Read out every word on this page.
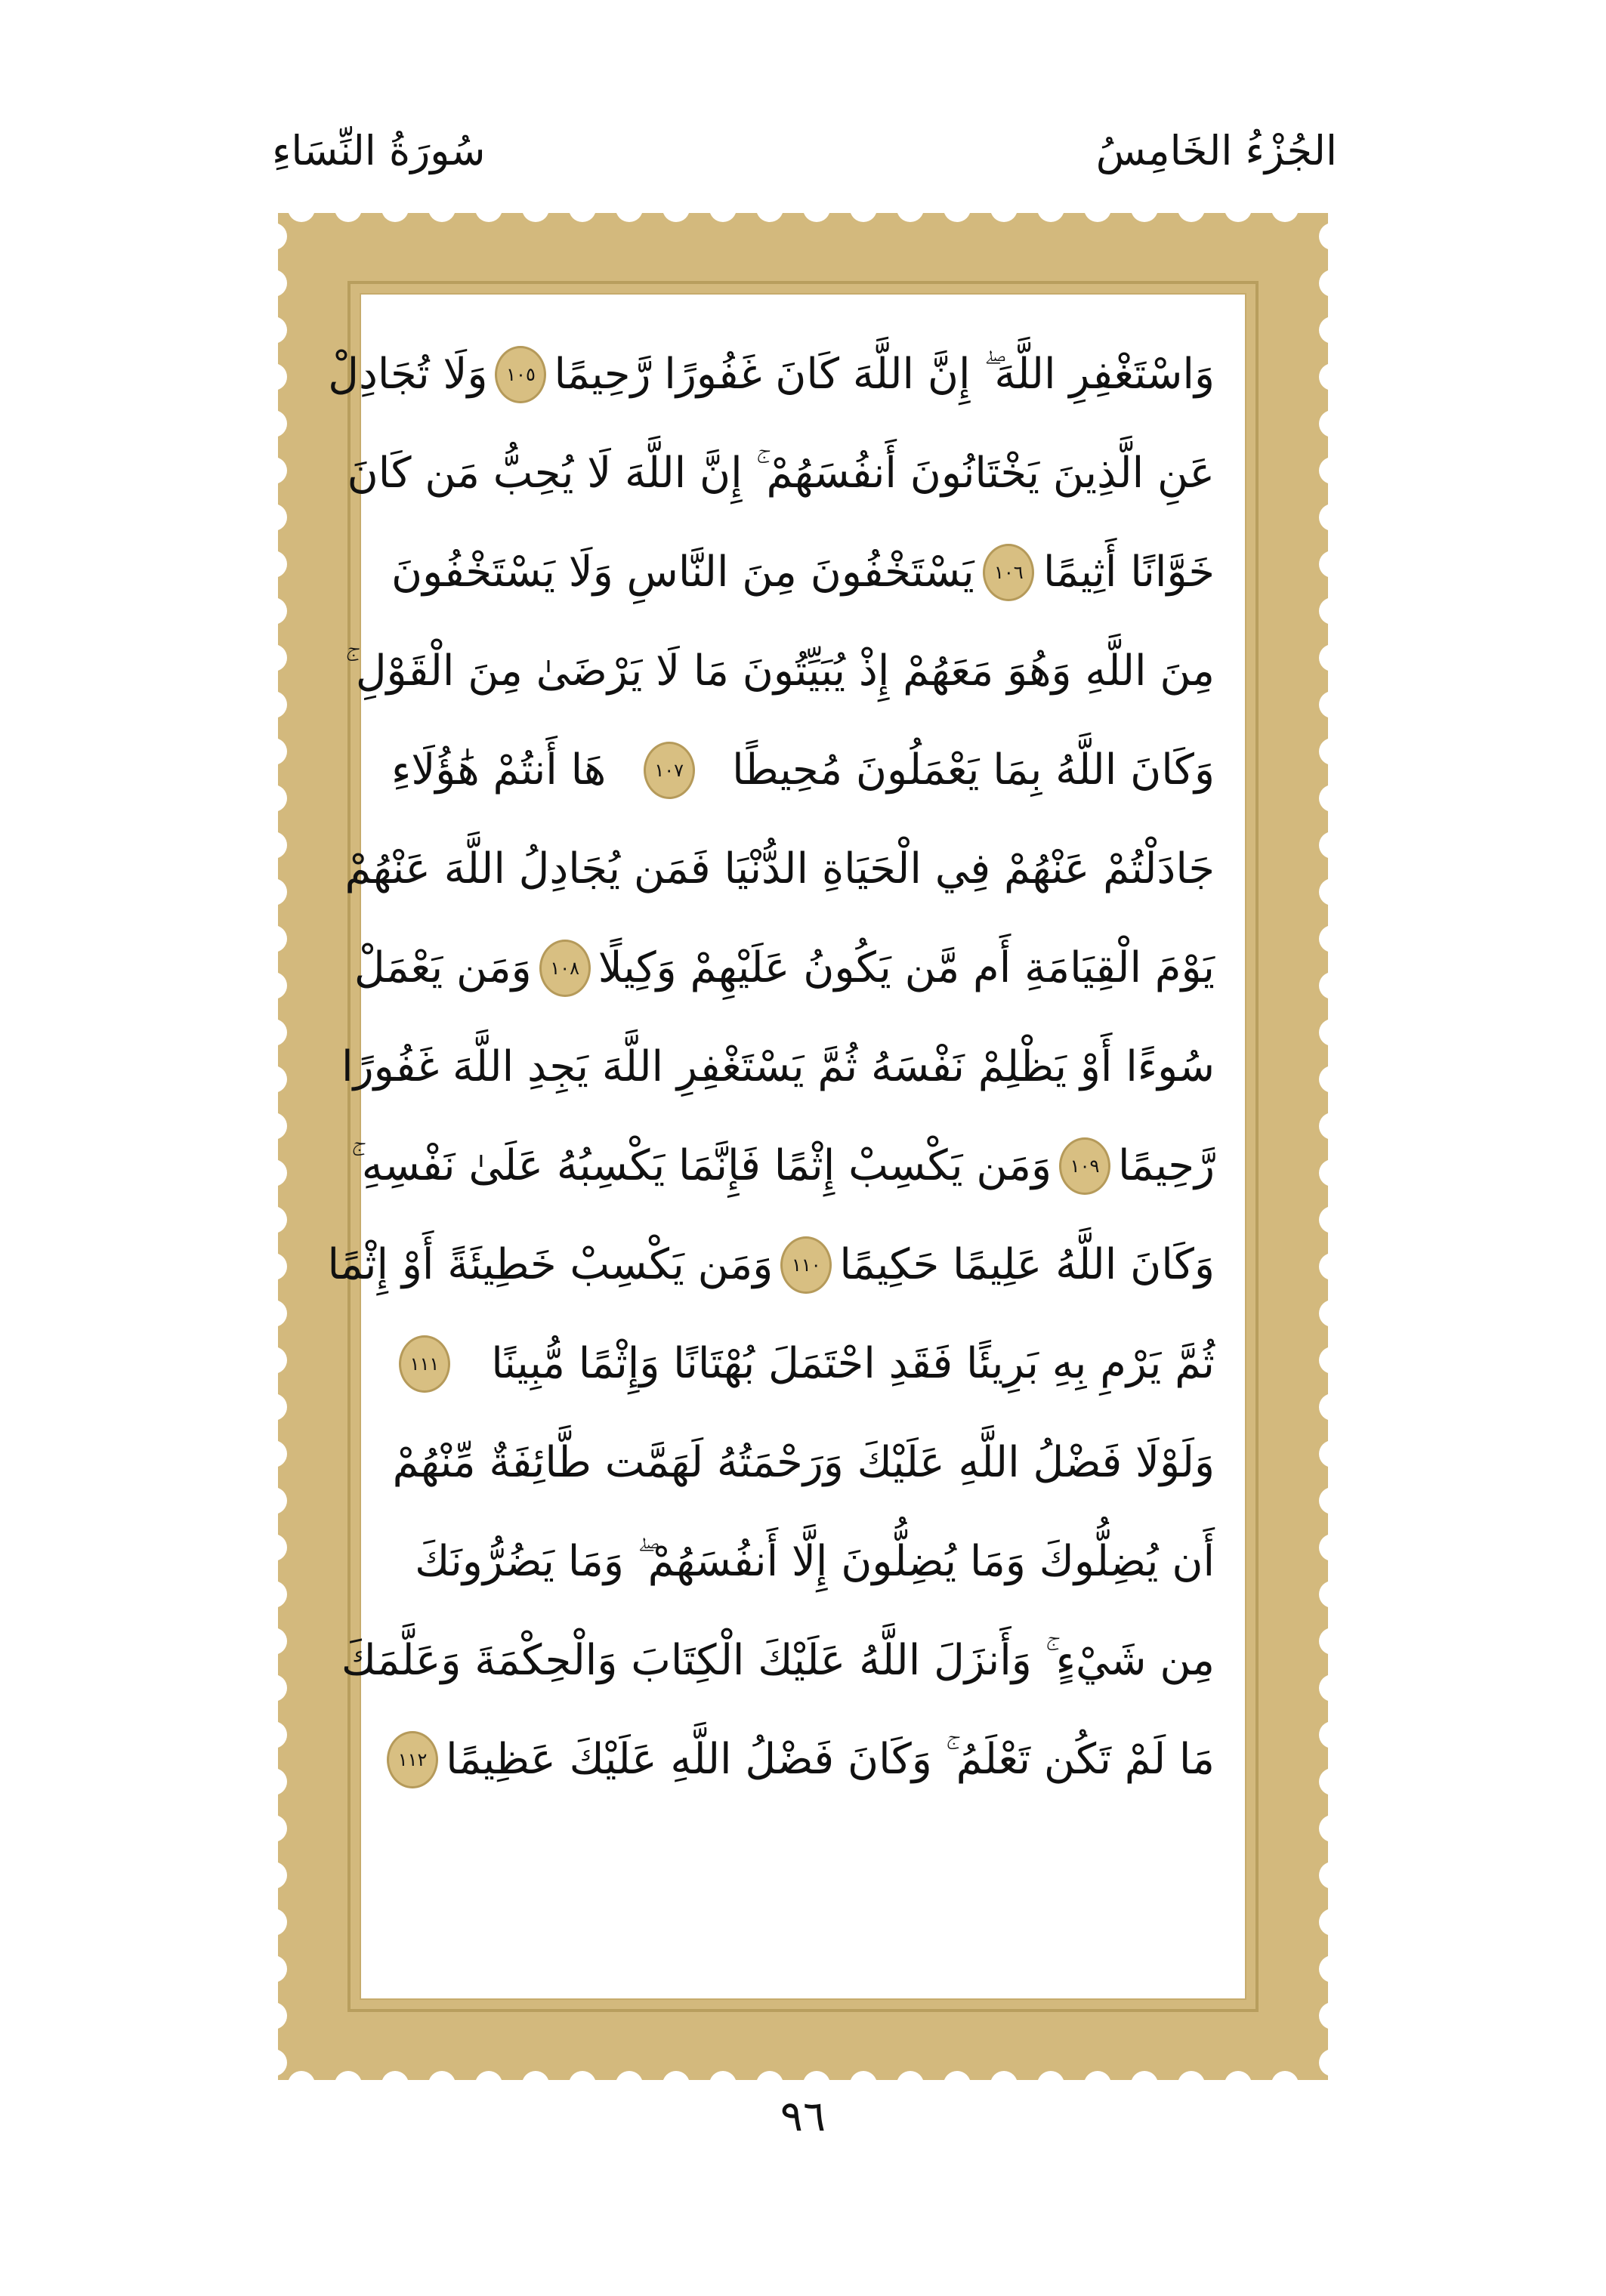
الجُزْءُ الخَامِسُ
سُورَةُ النِّسَاءِ
وَاسْتَغْفِرِ اللَّهَ ۖ إِنَّ اللَّهَ كَانَ غَفُورًا رَّحِيمًا
١٠٥
وَلَا تُجَادِلْ
عَنِ الَّذِينَ يَخْتَانُونَ أَنفُسَهُمْ ۚ إِنَّ اللَّهَ لَا يُحِبُّ مَن كَانَ
خَوَّانًا أَثِيمًا
١٠٦
يَسْتَخْفُونَ مِنَ النَّاسِ وَلَا يَسْتَخْفُونَ
مِنَ اللَّهِ وَهُوَ مَعَهُمْ إِذْ يُبَيِّتُونَ مَا لَا يَرْضَىٰ مِنَ الْقَوْلِ ۚ
وَكَانَ اللَّهُ بِمَا يَعْمَلُونَ مُحِيطًا
١٠٧
هَا أَنتُمْ هَٰؤُلَاءِ
جَادَلْتُمْ عَنْهُمْ فِي الْحَيَاةِ الدُّنْيَا فَمَن يُجَادِلُ اللَّهَ عَنْهُمْ
يَوْمَ الْقِيَامَةِ أَم مَّن يَكُونُ عَلَيْهِمْ وَكِيلًا
١٠٨
وَمَن يَعْمَلْ
سُوءًا أَوْ يَظْلِمْ نَفْسَهُ ثُمَّ يَسْتَغْفِرِ اللَّهَ يَجِدِ اللَّهَ غَفُورًا
رَّحِيمًا
١٠٩
وَمَن يَكْسِبْ إِثْمًا فَإِنَّمَا يَكْسِبُهُ عَلَىٰ نَفْسِهِ ۚ
وَكَانَ اللَّهُ عَلِيمًا حَكِيمًا
١١٠
وَمَن يَكْسِبْ خَطِيئَةً أَوْ إِثْمًا
ثُمَّ يَرْمِ بِهِ بَرِيئًا فَقَدِ احْتَمَلَ بُهْتَانًا وَإِثْمًا مُّبِينًا
١١١
وَلَوْلَا فَضْلُ اللَّهِ عَلَيْكَ وَرَحْمَتُهُ لَهَمَّت طَّائِفَةٌ مِّنْهُمْ
أَن يُضِلُّوكَ وَمَا يُضِلُّونَ إِلَّا أَنفُسَهُمْ ۖ وَمَا يَضُرُّونَكَ
مِن شَيْءٍ ۚ وَأَنزَلَ اللَّهُ عَلَيْكَ الْكِتَابَ وَالْحِكْمَةَ وَعَلَّمَكَ
مَا لَمْ تَكُن تَعْلَمُ ۚ وَكَانَ فَضْلُ اللَّهِ عَلَيْكَ عَظِيمًا
١١٢
٩٦
